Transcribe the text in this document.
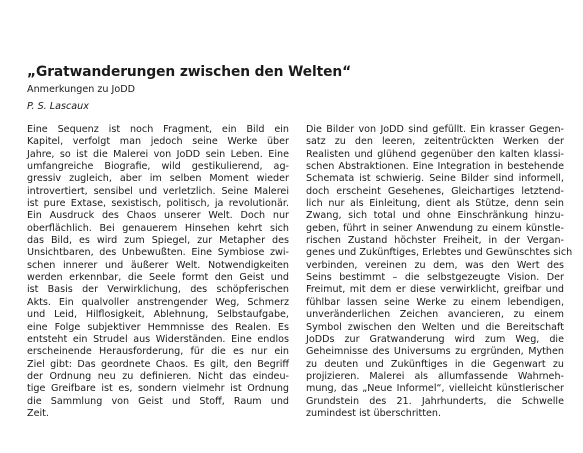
„Gratwanderungen zwischen den Welten“
Anmerkungen zu JoDD
P. S. Lascaux
Eine Sequenz ist noch Fragment, ein Bild ein
Kapitel, verfolgt man jedoch seine Werke über
Jahre, so ist die Malerei von JoDD sein Leben. Eine
umfangreiche Biografie, wild gestikulierend, ag-
gressiv zugleich, aber im selben Moment wieder
introvertiert, sensibel und verletzlich. Seine Malerei
ist pure Extase, sexistisch, politisch, ja revolutionär.
Ein Ausdruck des Chaos unserer Welt. Doch nur
oberflächlich. Bei genauerem Hinsehen kehrt sich
das Bild, es wird zum Spiegel, zur Metapher des
Unsichtbaren, des Unbewußten. Eine Symbiose zwi-
schen innerer und äußerer Welt. Notwendigkeiten
werden erkennbar, die Seele formt den Geist und
ist Basis der Verwirklichung, des schöpferischen
Akts. Ein qualvoller anstrengender Weg, Schmerz
und Leid, Hilflosigkeit, Ablehnung, Selbstaufgabe,
eine Folge subjektiver Hemmnisse des Realen. Es
entsteht ein Strudel aus Widerständen. Eine endlos
erscheinende Herausforderung, für die es nur ein
Ziel gibt: Das geordnete Chaos. Es gilt, den Begriff
der Ordnung neu zu definieren. Nicht das eindeu-
tige Greifbare ist es, sondern vielmehr ist Ordnung
die Sammlung von Geist und Stoff, Raum und
Zeit.
Die Bilder von JoDD sind gefüllt. Ein krasser Gegen-
satz zu den leeren, zeitentrückten Werken der
Realisten und glühend gegenüber den kalten klassi-
schen Abstraktionen. Eine Integration in bestehende
Schemata ist schwierig. Seine Bilder sind informell,
doch erscheint Gesehenes, Gleichartiges letztend-
lich nur als Einleitung, dient als Stütze, denn sein
Zwang, sich total und ohne Einschränkung hinzu-
geben, führt in seiner Anwendung zu einem künstle-
rischen Zustand höchster Freiheit, in der Vergan-
genes und Zukünftiges, Erlebtes und Gewünschtes sich
verbinden, vereinen zu dem, was den Wert des
Seins bestimmt – die selbstgezeugte Vision. Der
Freimut, mit dem er diese verwirklicht, greifbar und
fühlbar lassen seine Werke zu einem lebendigen,
unveränderlichen Zeichen avancieren, zu einem
Symbol zwischen den Welten und die Bereitschaft
JoDDs zur Gratwanderung wird zum Weg, die
Geheimnisse des Universums zu ergründen, Mythen
zu deuten und Zukünftiges in die Gegenwart zu
projizieren. Malerei als allumfassende Wahrneh-
mung, das „Neue Informel“, vielleicht künstlerischer
Grundstein des 21. Jahrhunderts, die Schwelle
zumindest ist überschritten.
